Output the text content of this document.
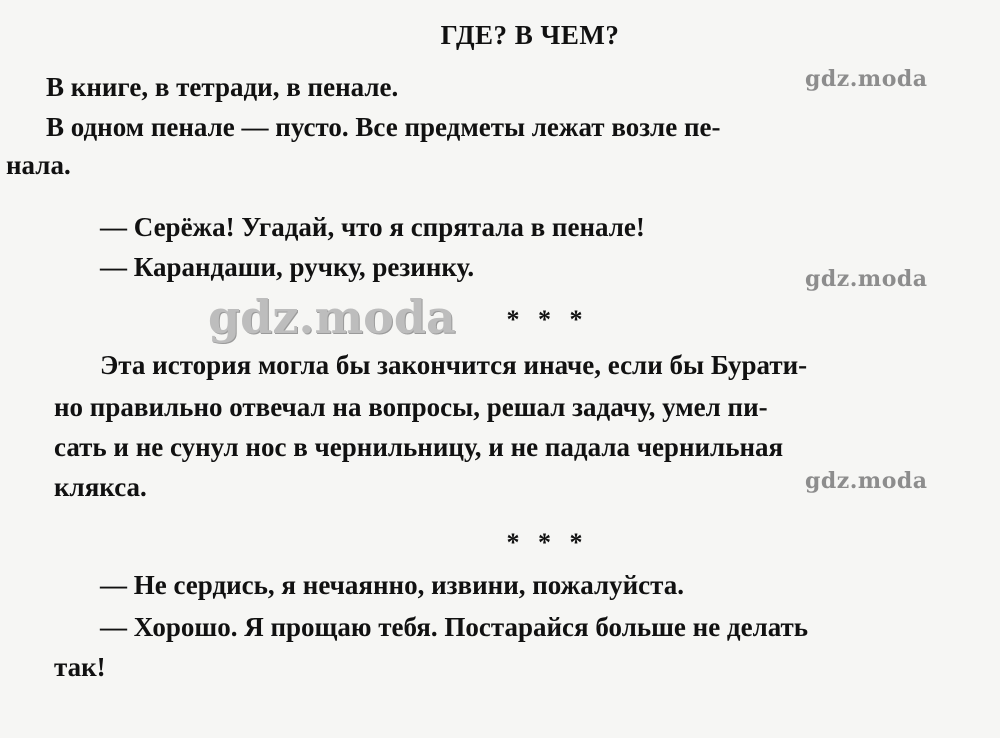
ГДЕ? В ЧЕМ?
gdz.moda
gdz.moda
gdz.moda
gdz.moda
В книге, в тетради, в пенале.
В одном пенале — пусто. Все предметы лежат возле пе-
нала.
— Серёжа! Угадай, что я спрятала в пенале!
— Карандаши, ручку, резинку.
* * *
Эта история могла бы закончится иначе, если бы Бурати-
но правильно отвечал на вопросы, решал задачу, умел пи-
сать и не сунул нос в чернильницу, и не падала чернильная
клякса.
* * *
— Не сердись, я нечаянно, извини, пожалуйста.
— Хорошо. Я прощаю тебя. Постарайся больше не делать
так!
